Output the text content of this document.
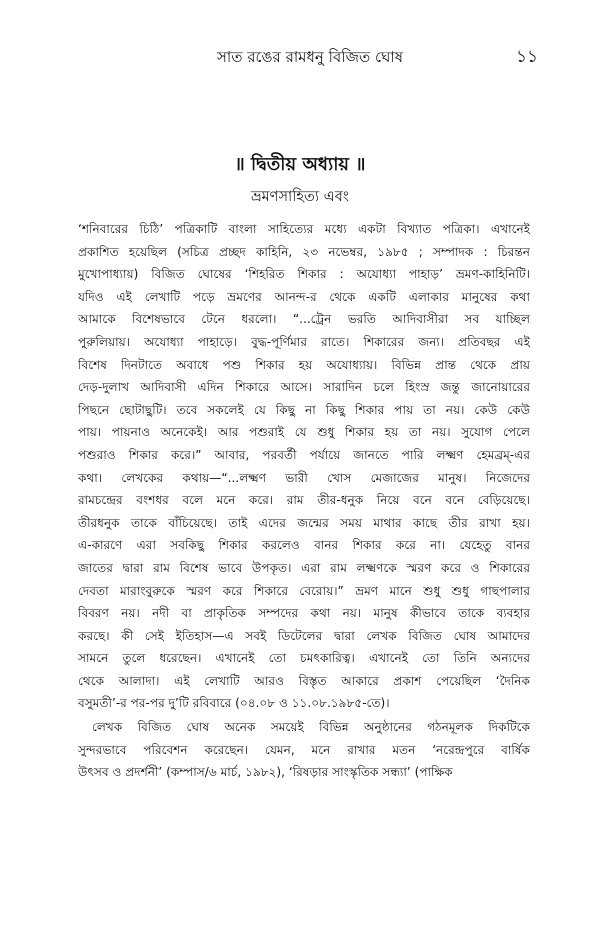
সাত রঙের রামধনু বিজিত ঘোষ	১১
॥ দ্বিতীয় অধ্যায় ॥
ভ্রমণসাহিত্য এবং

‘শনিবারের চিঠি’ পত্রিকাটি বাংলা সাহিত্যের মধ্যে একটা বিখ্যাত পত্রিকা। এখানেই
প্রকাশিত হয়েছিল (সচিত্র প্রচ্ছদ কাহিনি, ২৩ নভেম্বর, ১৯৮৫ ; সম্পাদক : চিরন্তন
মুখোপাধ্যায়) বিজিত ঘোষের ‘শিহরিত শিকার : অযোধ্যা পাহাড়’ ভ্রমণ-কাহিনিটি।
যদিও এই লেখাটি পড়ে ভ্রমণের আনন্দ-র থেকে একটি এলাকার মানুষের কথা
আমাকে বিশেষভাবে টেনে ধরলো। “...ট্রেন ভরতি আদিবাসীরা সব যাচ্ছিল
পুরুলিয়ায়। অযোধ্যা পাহাড়ে। বুদ্ধ-পূর্ণিমার রাতে। শিকারের জন্য। প্রতিবছর এই
বিশেষ দিনটাতে অবাধে পশু শিকার হয় অযোধ্যায়। বিভিন্ন প্রান্ত থেকে প্রায়
দেড়-দুলাখ আদিবাসী এদিন শিকারে আসে। সারাদিন চলে হিংস্র জন্তু জানোয়ারের
পিছনে ছোটাছুটি। তবে সকলেই যে কিছু না কিছু শিকার পায় তা নয়। কেউ কেউ
পায়। পায়নাও অনেকেই। আর পশুরাই যে শুধু শিকার হয় তা নয়। সুযোগ পেলে
পশুরাও শিকার করে।” আবার, পরবর্তী পর্যায়ে জানতে পারি লক্ষ্মণ হেমব্রম্-এর
কথা। লেখকের কথায়—“...লক্ষ্মণ ভারী খোস মেজাজের মানুষ। নিজেদের
রামচন্দ্রের বংশধর বলে মনে করে। রাম তীর-ধনুক নিয়ে বনে বনে বেড়িয়েছে।
তীরধনুক তাকে বাঁচিয়েছে। তাই এদের জন্মের সময় মাথার কাছে তীর রাখা হয়।
এ-কারণে এরা সবকিছু শিকার করলেও বানর শিকার করে না। যেহেতু বানর
জাতের দ্বারা রাম বিশেষ ভাবে উপকৃত। এরা রাম লক্ষ্মণকে স্মরণ করে ও শিকারের
দেবতা মারাংবুরুকে স্মরণ করে শিকারে বেরোয়।” ভ্রমণ মানে শুধু শুধু গাছপালার
বিবরণ নয়। নদী বা প্রাকৃতিক সম্পদের কথা নয়। মানুষ কীভাবে তাকে ব্যবহার
করছে। কী সেই ইতিহাস—এ সবই ডিটেলের দ্বারা লেখক বিজিত ঘোষ আমাদের
সামনে তুলে ধরেছেন। এখানেই তো চমৎকারিত্ব। এখানেই তো তিনি অন্যদের
থেকে আলাদা। এই লেখাটি আরও বিস্তৃত আকারে প্রকাশ পেয়েছিল ‘দৈনিক
বসুমতী’-র পর-পর দু’টি রবিবারে (০৪.০৮ ও ১১.০৮.১৯৮৫-তে)।

লেখক বিজিত ঘোষ অনেক সময়েই বিভিন্ন অনুষ্ঠানের গঠনমূলক দিকটিকে
সুন্দরভাবে পরিবেশন করেছেন। যেমন, মনে রাখার মতন ‘নরেন্দ্রপুরে বার্ষিক
উৎসব ও প্রদর্শনী’ (কম্পাস/৬ মার্চ, ১৯৮২), ‘রিষড়ার সাংস্কৃতিক সন্ধ্যা’ (পাক্ষিক
